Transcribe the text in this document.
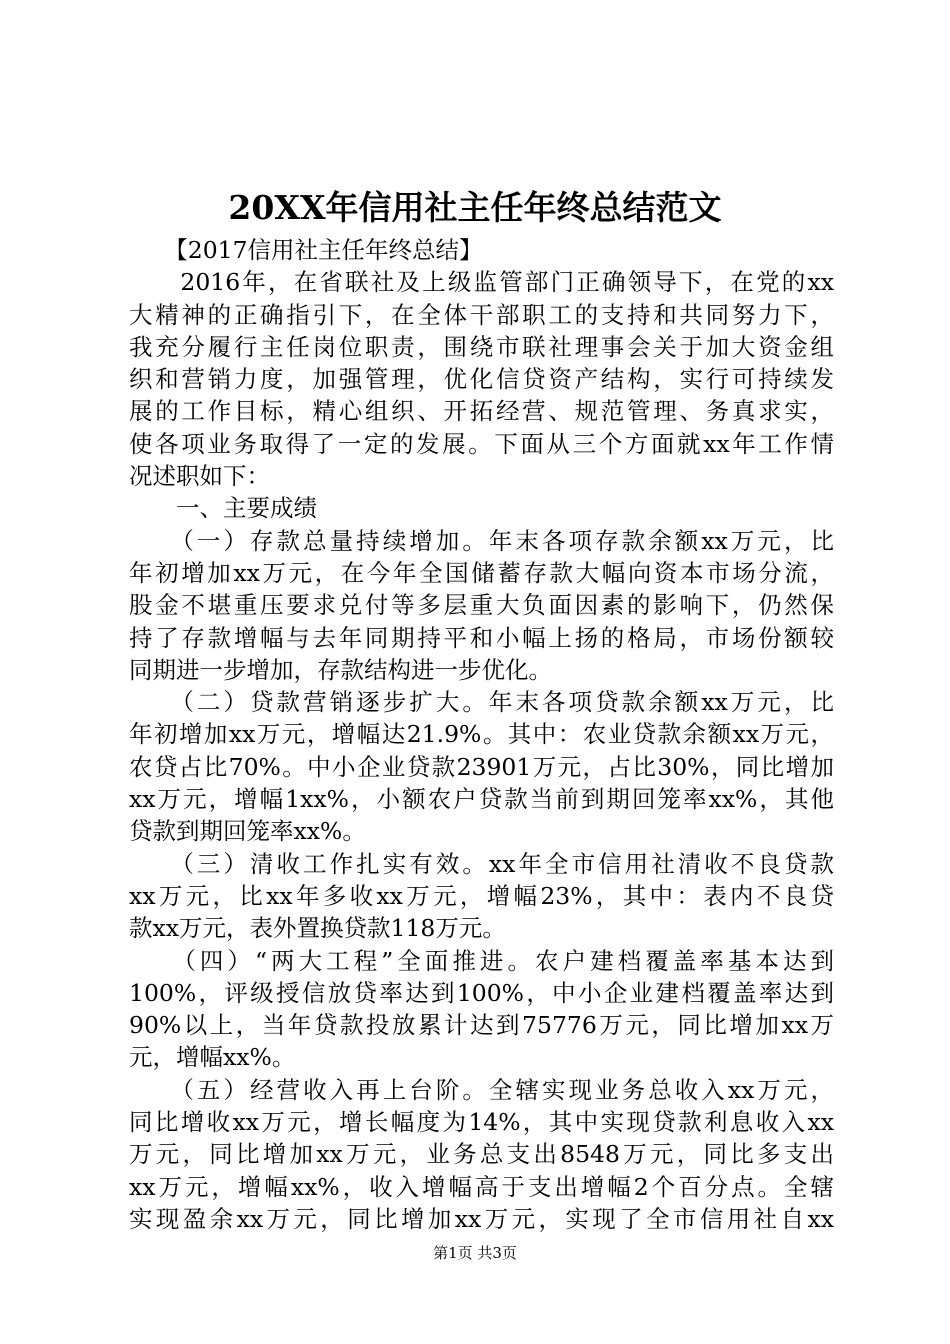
20XX年信用社主任年终总结范文
　　【2017信用社主任年终总结】
　　2016年，在省联社及上级监管部门正确领导下，在党的xx
大精神的正确指引下，在全体干部职工的支持和共同努力下，
我充分履行主任岗位职责，围绕市联社理事会关于加大资金组
织和营销力度，加强管理，优化信贷资产结构，实行可持续发
展的工作目标，精心组织、开拓经营、规范管理、务真求实，
使各项业务取得了一定的发展。下面从三个方面就xx年工作情
况述职如下：
　　一、主要成绩
　　（一）存款总量持续增加。年末各项存款余额xx万元，比
年初增加xx万元，在今年全国储蓄存款大幅向资本市场分流，
股金不堪重压要求兑付等多层重大负面因素的影响下，仍然保
持了存款增幅与去年同期持平和小幅上扬的格局，市场份额较
同期进一步增加，存款结构进一步优化。
　　（二）贷款营销逐步扩大。年末各项贷款余额xx万元，比
年初增加xx万元，增幅达21.9%。其中：农业贷款余额xx万元，
农贷占比70%。中小企业贷款23901万元，占比30%，同比增加
xx万元，增幅1xx%，小额农户贷款当前到期回笼率xx%，其他
贷款到期回笼率xx%。
　　（三）清收工作扎实有效。xx年全市信用社清收不良贷款
xx万元，比xx年多收xx万元，增幅23%，其中：表内不良贷
款xx万元，表外置换贷款118万元。
　　（四）“两大工程”全面推进。农户建档覆盖率基本达到
100%，评级授信放贷率达到100%，中小企业建档覆盖率达到
90%以上，当年贷款投放累计达到75776万元，同比增加xx万
元，增幅xx%。
　　（五）经营收入再上台阶。全辖实现业务总收入xx万元，
同比增收xx万元，增长幅度为14%，其中实现贷款利息收入xx
万元，同比增加xx万元，业务总支出8548万元，同比多支出
xx万元，增幅xx%，收入增幅高于支出增幅2个百分点。全辖
实现盈余xx万元，同比增加xx万元，实现了全市信用社自xx
第1页 共3页
